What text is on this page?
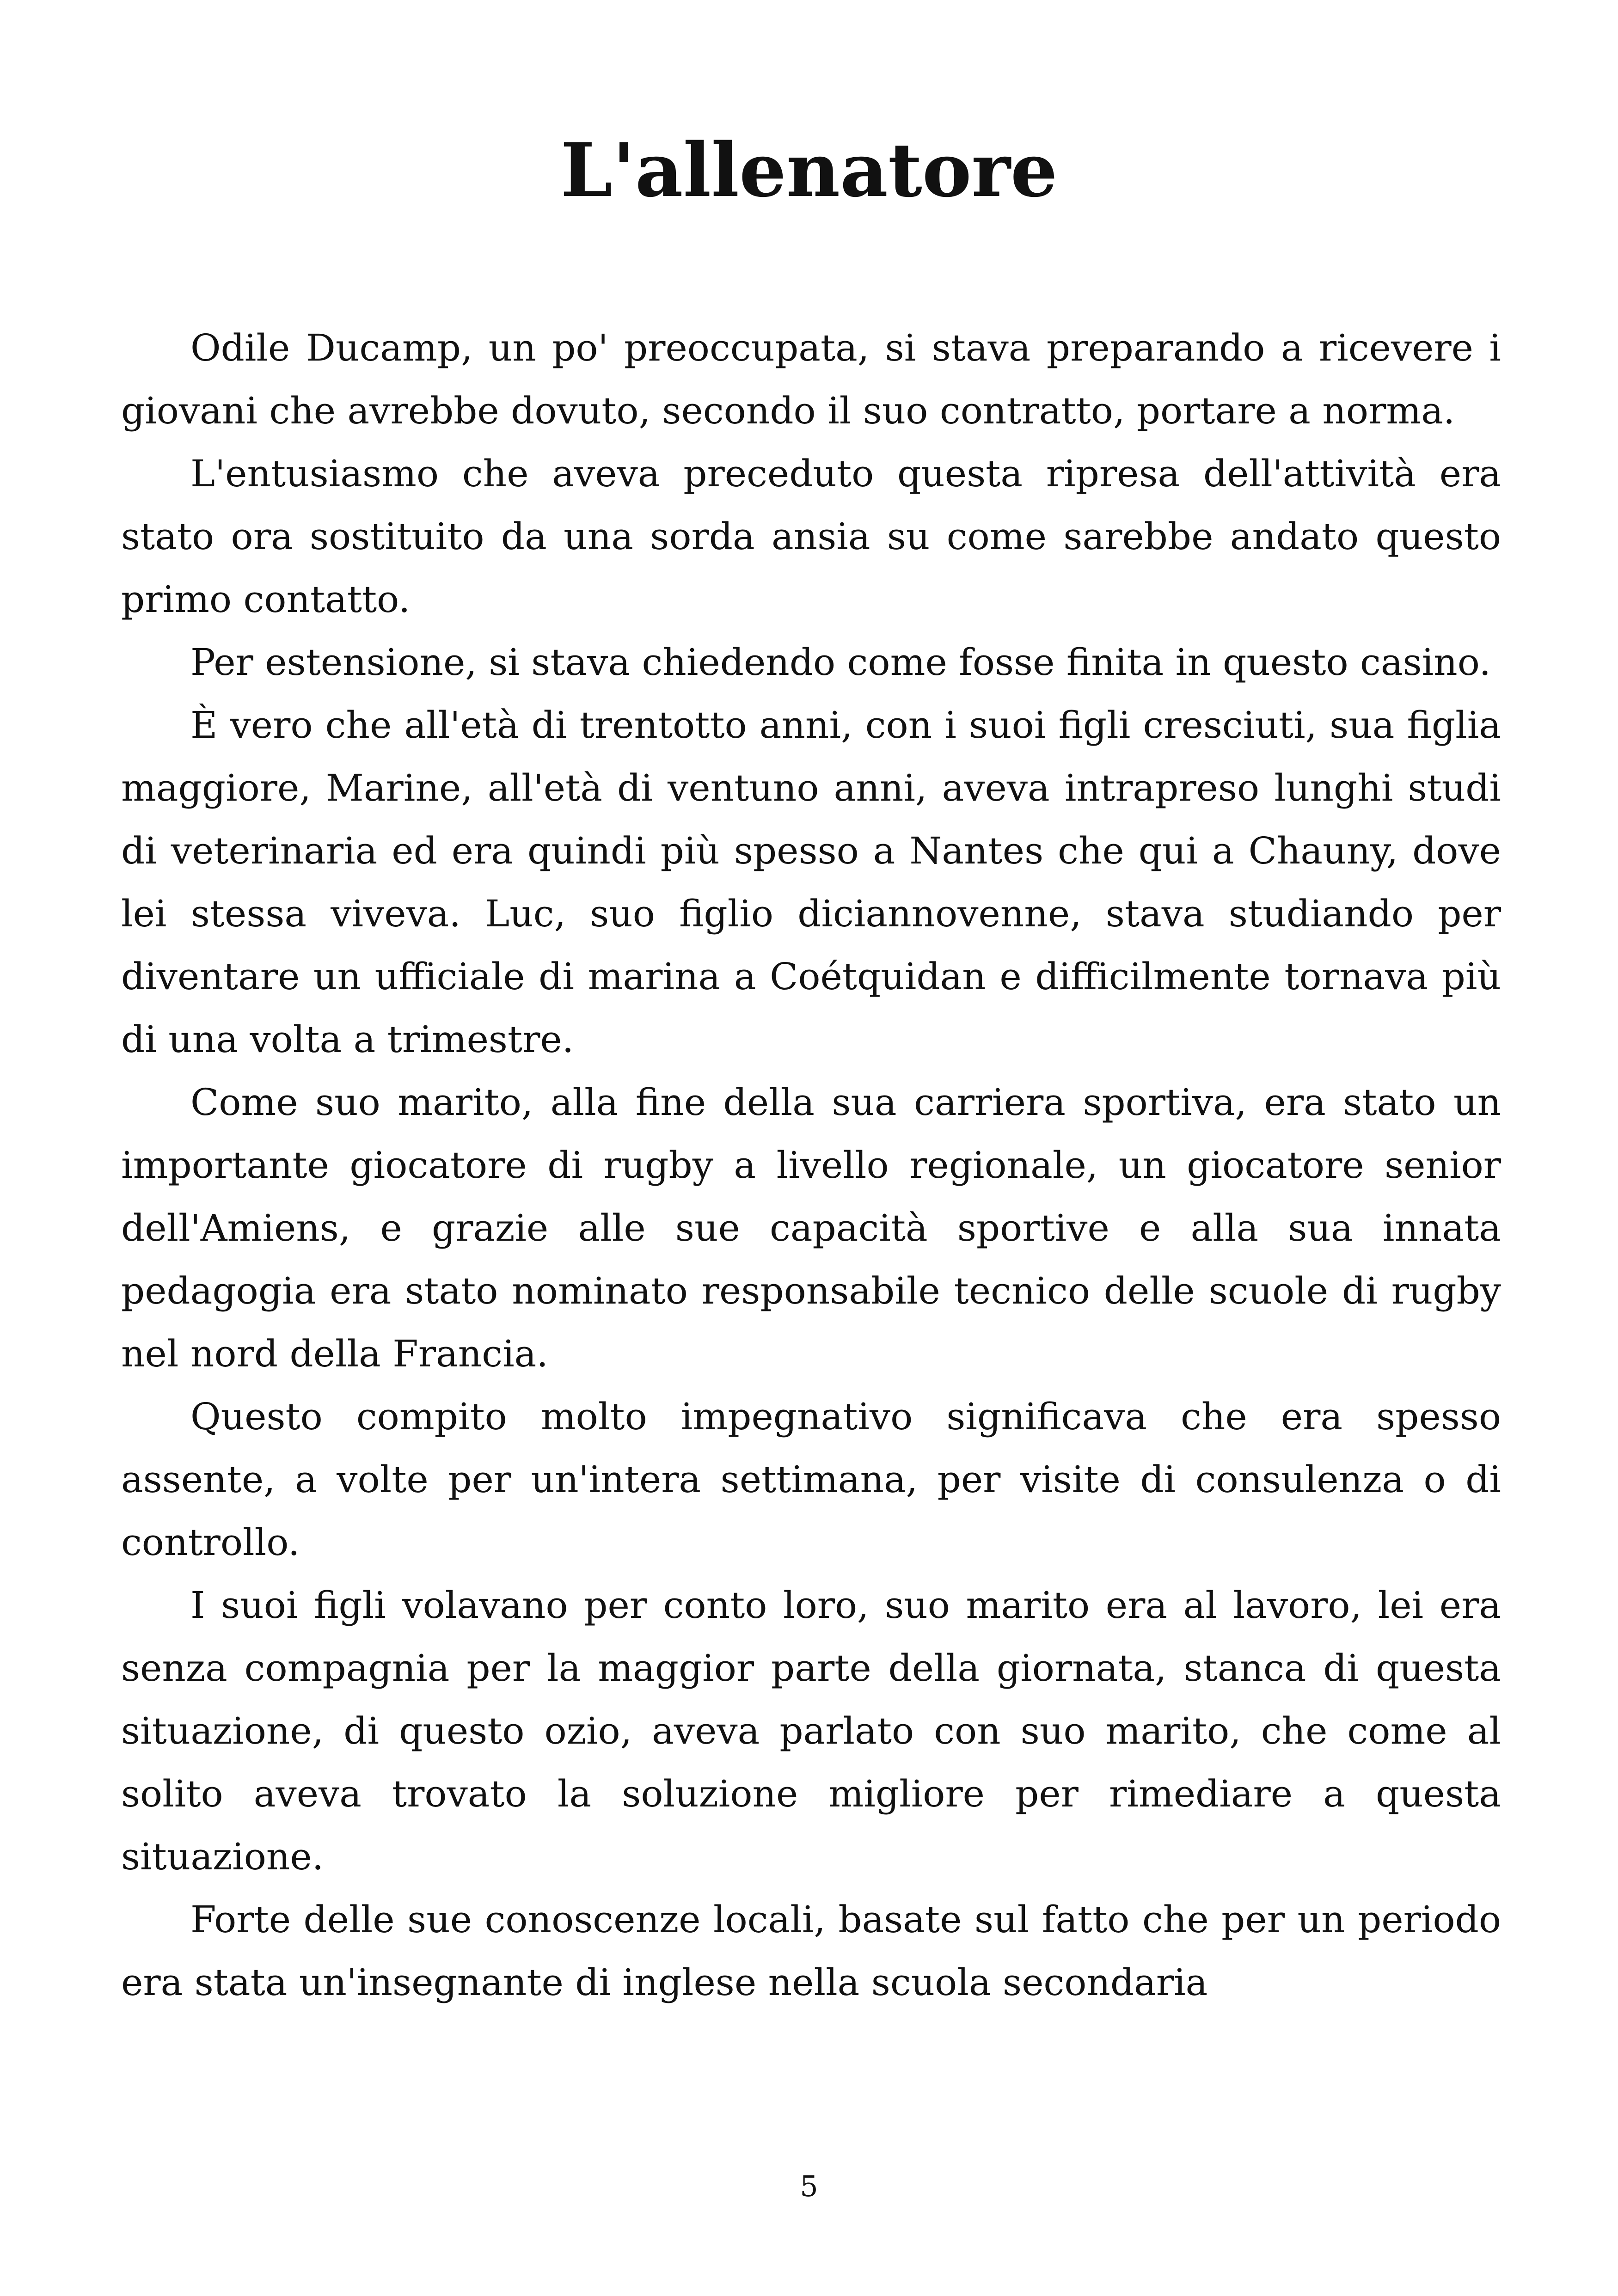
L'allenatore

Odile Ducamp, un po' preoccupata, si stava preparando a ricevere i giovani che avrebbe dovuto, secondo il suo contratto, portare a norma.

L'entusiasmo che aveva preceduto questa ripresa dell'attività era stato ora sostituito da una sorda ansia su come sarebbe andato questo primo contatto.

Per estensione, si stava chiedendo come fosse finita in questo casino.

È vero che all'età di trentotto anni, con i suoi figli cresciuti, sua figlia maggiore, Marine, all'età di ventuno anni, aveva intrapreso lunghi studi di veterinaria ed era quindi più spesso a Nantes che qui a Chauny, dove lei stessa viveva. Luc, suo figlio diciannovenne, stava studiando per diventare un ufficiale di marina a Coétquidan e difficilmente tornava più di una volta a trimestre.

Come suo marito, alla fine della sua carriera sportiva, era stato un importante giocatore di rugby a livello regionale, un giocatore senior dell'Amiens, e grazie alle sue capacità sportive e alla sua innata pedagogia era stato nominato responsabile tecnico delle scuole di rugby nel nord della Francia.

Questo compito molto impegnativo significava che era spesso assente, a volte per un'intera settimana, per visite di consulenza o di controllo.

I suoi figli volavano per conto loro, suo marito era al lavoro, lei era senza compagnia per la maggior parte della giornata, stanca di questa situazione, di questo ozio, aveva parlato con suo marito, che come al solito aveva trovato la soluzione migliore per rimediare a questa situazione.

Forte delle sue conoscenze locali, basate sul fatto che per un periodo era stata un'insegnante di inglese nella scuola secondaria

5
